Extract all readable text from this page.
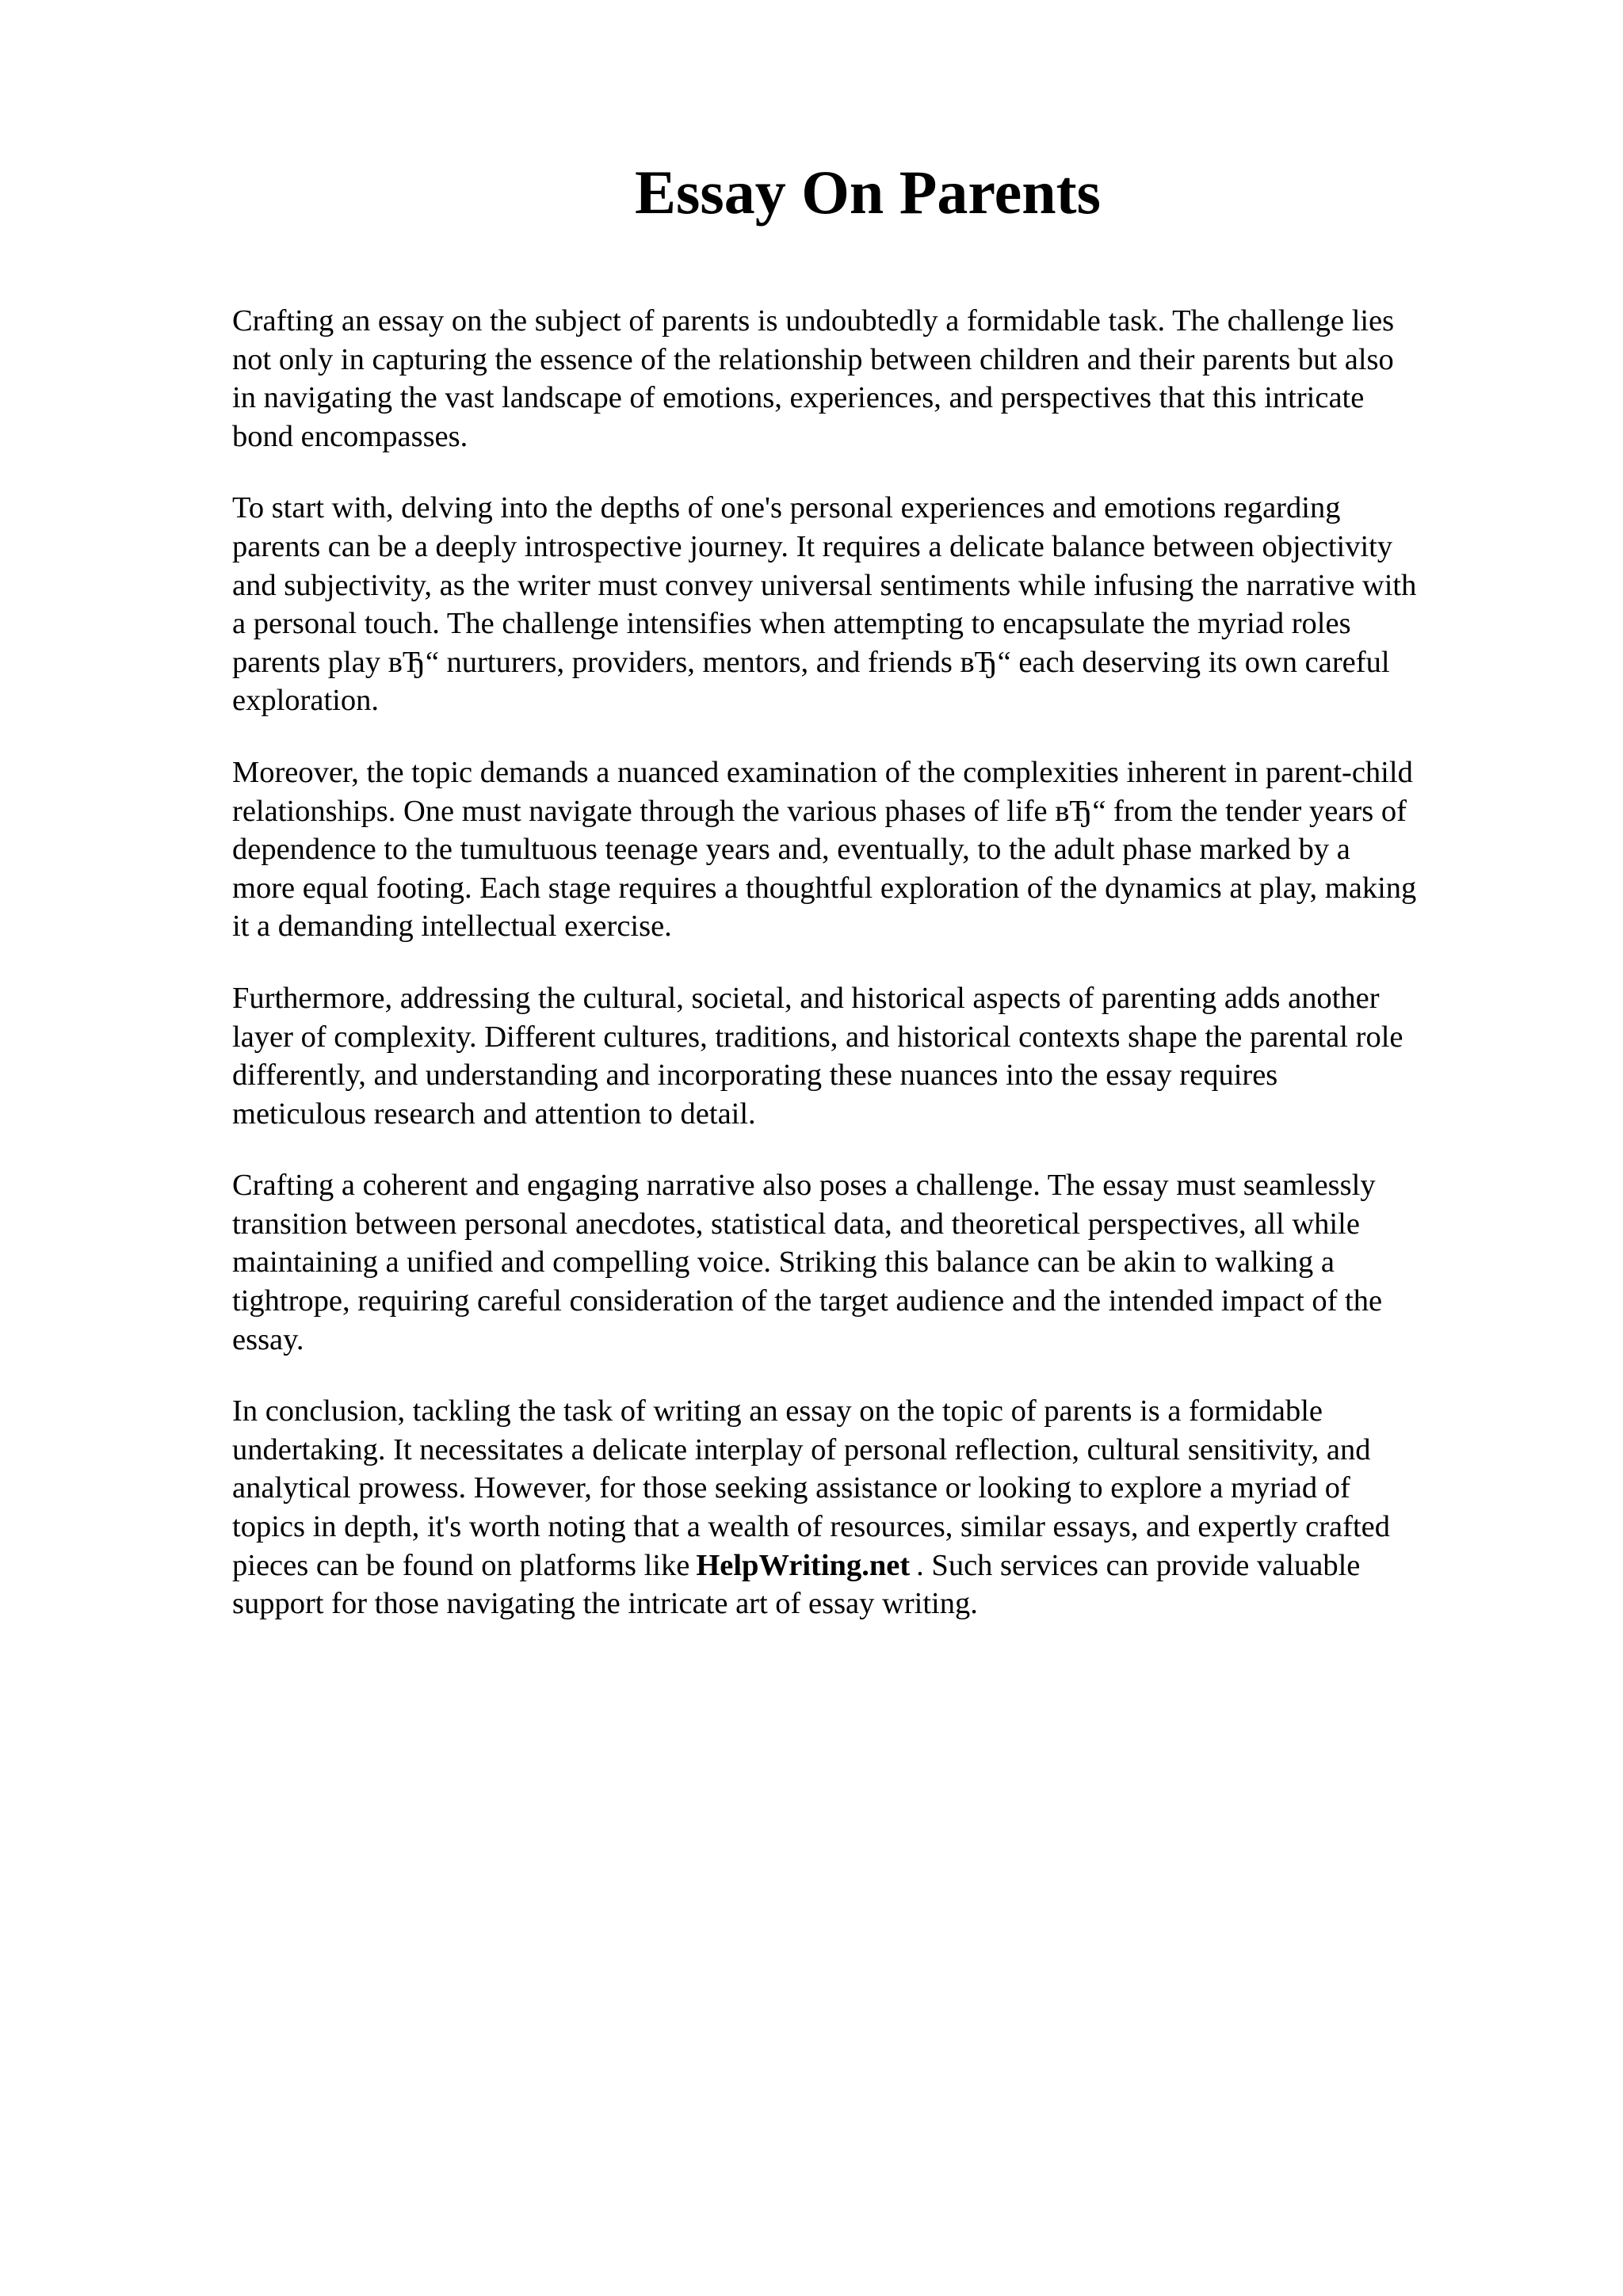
Essay On Parents

Crafting an essay on the subject of parents is undoubtedly a formidable task. The challenge lies
not only in capturing the essence of the relationship between children and their parents but also
in navigating the vast landscape of emotions, experiences, and perspectives that this intricate
bond encompasses.

To start with, delving into the depths of one's personal experiences and emotions regarding
parents can be a deeply introspective journey. It requires a delicate balance between objectivity
and subjectivity, as the writer must convey universal sentiments while infusing the narrative with
a personal touch. The challenge intensifies when attempting to encapsulate the myriad roles
parents play вЂ“ nurturers, providers, mentors, and friends вЂ“ each deserving its own careful
exploration.

Moreover, the topic demands a nuanced examination of the complexities inherent in parent-child
relationships. One must navigate through the various phases of life вЂ“ from the tender years of
dependence to the tumultuous teenage years and, eventually, to the adult phase marked by a
more equal footing. Each stage requires a thoughtful exploration of the dynamics at play, making
it a demanding intellectual exercise.

Furthermore, addressing the cultural, societal, and historical aspects of parenting adds another
layer of complexity. Different cultures, traditions, and historical contexts shape the parental role
differently, and understanding and incorporating these nuances into the essay requires
meticulous research and attention to detail.

Crafting a coherent and engaging narrative also poses a challenge. The essay must seamlessly
transition between personal anecdotes, statistical data, and theoretical perspectives, all while
maintaining a unified and compelling voice. Striking this balance can be akin to walking a
tightrope, requiring careful consideration of the target audience and the intended impact of the
essay.

In conclusion, tackling the task of writing an essay on the topic of parents is a formidable
undertaking. It necessitates a delicate interplay of personal reflection, cultural sensitivity, and
analytical prowess. However, for those seeking assistance or looking to explore a myriad of
topics in depth, it's worth noting that a wealth of resources, similar essays, and expertly crafted
pieces can be found on platforms like HelpWriting.net . Such services can provide valuable
support for those navigating the intricate art of essay writing.
